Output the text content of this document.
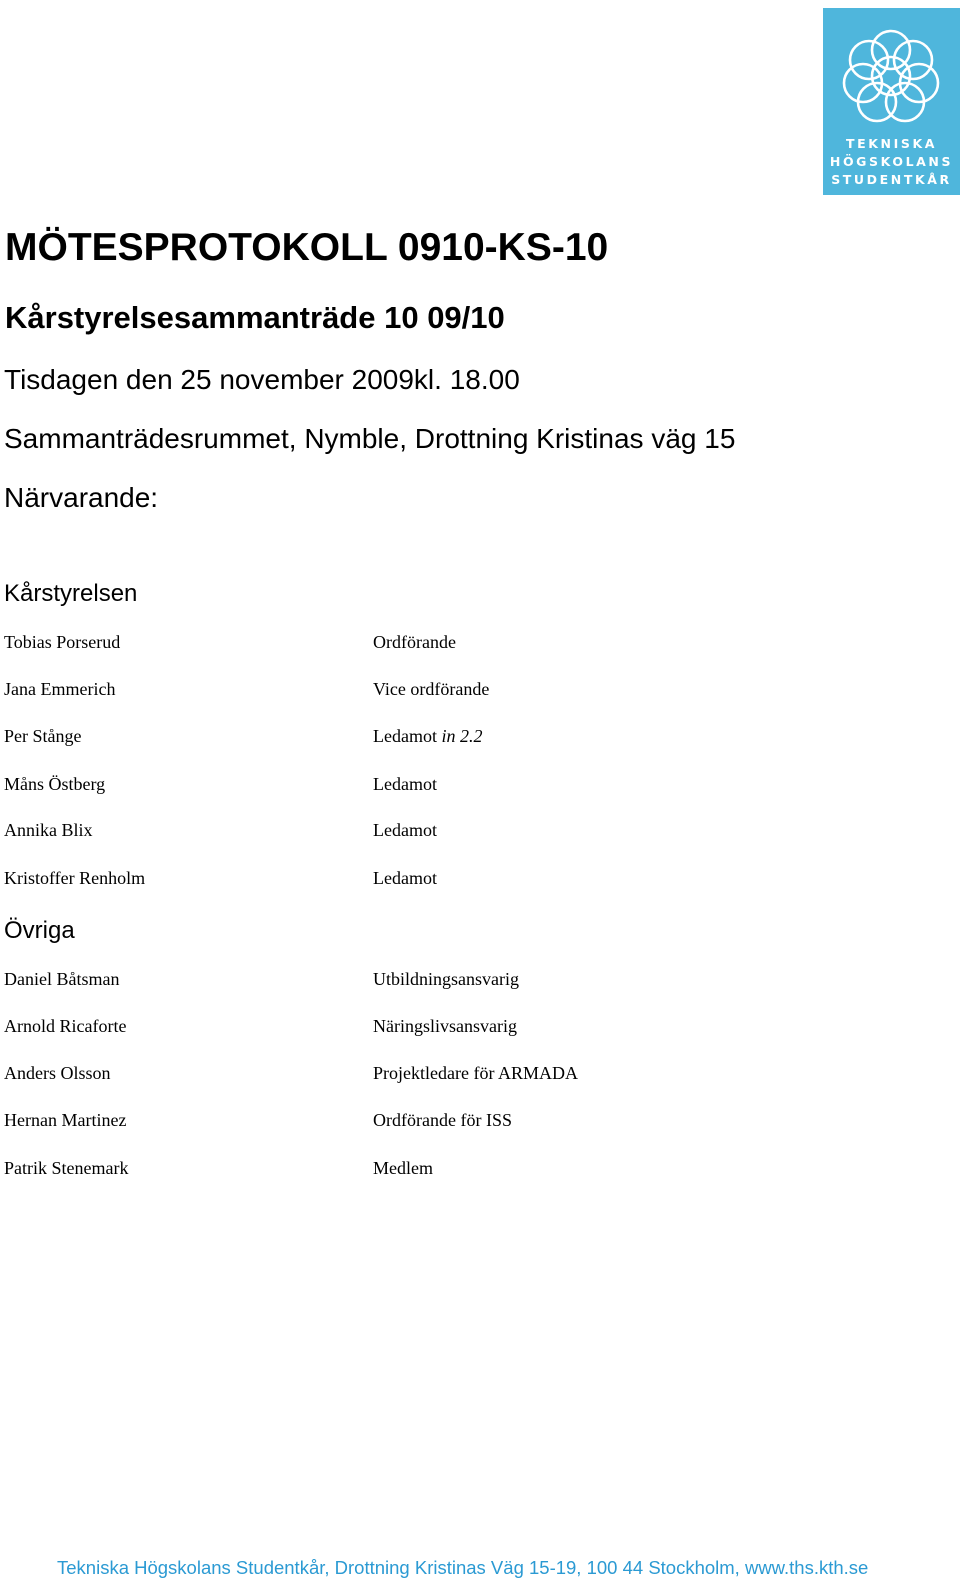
TEKNISKA
HÖGSKOLANS
STUDENTKÅR
MÖTESPROTOKOLL 0910-KS-10
Kårstyrelsesammanträde 10 09/10
Tisdagen den 25 november 2009kl. 18.00
Sammanträdesrummet, Nymble, Drottning Kristinas väg 15
Närvarande:
Kårstyrelsen
Tobias Porserud	Ordförande
Jana Emmerich	Vice ordförande
Per Stånge	Ledamot in 2.2
Måns Östberg	Ledamot
Annika Blix	Ledamot
Kristoffer Renholm	Ledamot
Övriga
Daniel Båtsman	Utbildningsansvarig
Arnold Ricaforte	Näringslivsansvarig
Anders Olsson	Projektledare för ARMADA
Hernan Martinez	Ordförande för ISS
Patrik Stenemark	Medlem
Tekniska Högskolans Studentkår, Drottning Kristinas Väg 15-19, 100 44 Stockholm, www.ths.kth.se
